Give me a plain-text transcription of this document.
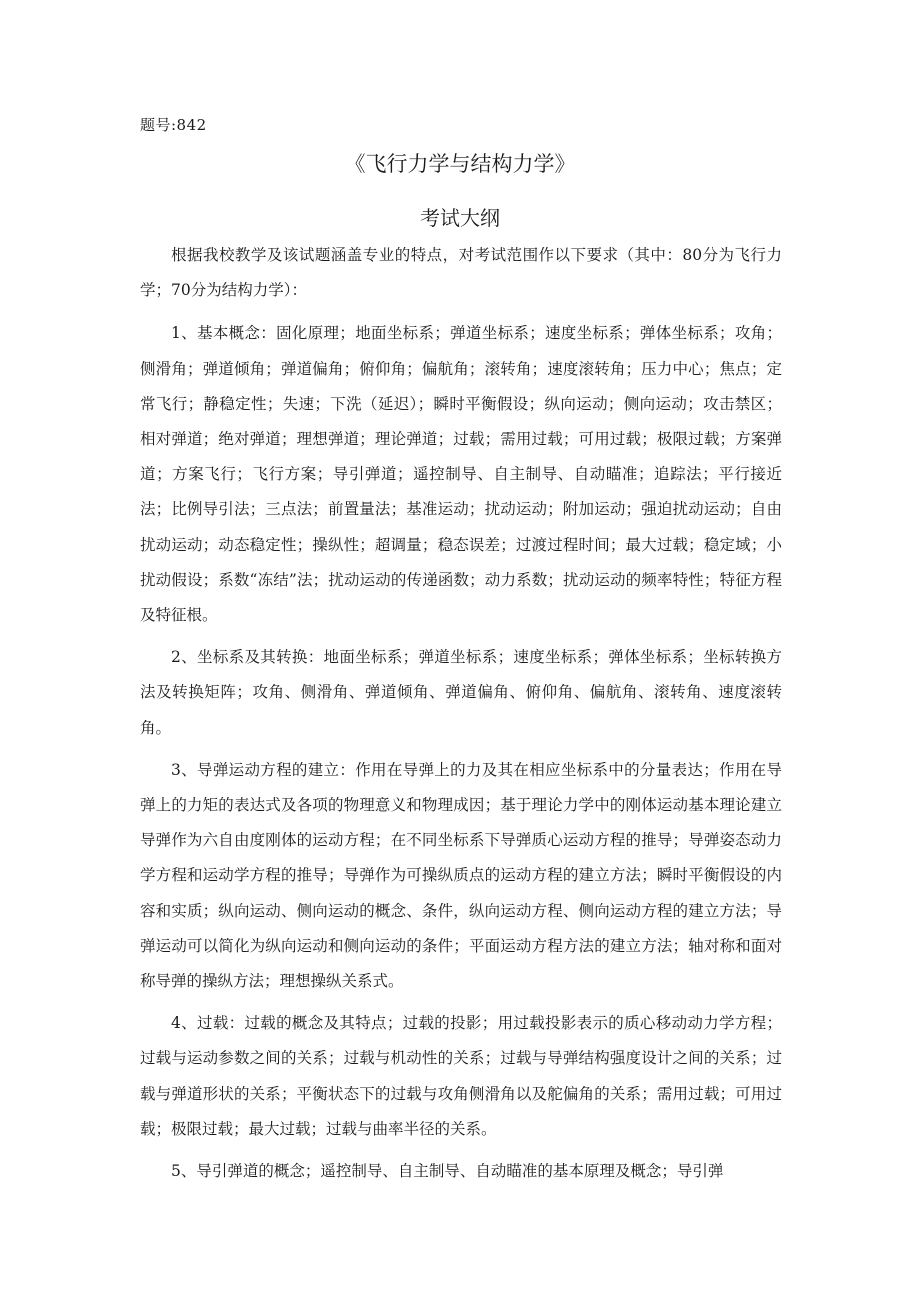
题号:842
《飞行力学与结构力学》
考试大纲

根据我校教学及该试题涵盖专业的特点，对考试范围作以下要求（其中：80分为飞行力学；70分为结构力学）：

1、基本概念：固化原理；地面坐标系；弹道坐标系；速度坐标系；弹体坐标系；攻角；侧滑角；弹道倾角；弹道偏角；俯仰角；偏航角；滚转角；速度滚转角；压力中心；焦点；定常飞行；静稳定性；失速；下洗（延迟）；瞬时平衡假设；纵向运动；侧向运动；攻击禁区；相对弹道；绝对弹道；理想弹道；理论弹道；过载；需用过载；可用过载；极限过载；方案弹道；方案飞行；飞行方案；导引弹道；遥控制导、自主制导、自动瞄准；追踪法；平行接近法；比例导引法；三点法；前置量法；基准运动；扰动运动；附加运动；强迫扰动运动；自由扰动运动；动态稳定性；操纵性；超调量；稳态误差；过渡过程时间；最大过载；稳定域；小扰动假设；系数“冻结”法；扰动运动的传递函数；动力系数；扰动运动的频率特性；特征方程及特征根。

2、坐标系及其转换：地面坐标系；弹道坐标系；速度坐标系；弹体坐标系；坐标转换方法及转换矩阵；攻角、侧滑角、弹道倾角、弹道偏角、俯仰角、偏航角、滚转角、速度滚转角。

3、导弹运动方程的建立：作用在导弹上的力及其在相应坐标系中的分量表达；作用在导弹上的力矩的表达式及各项的物理意义和物理成因；基于理论力学中的刚体运动基本理论建立导弹作为六自由度刚体的运动方程；在不同坐标系下导弹质心运动方程的推导；导弹姿态动力学方程和运动学方程的推导；导弹作为可操纵质点的运动方程的建立方法；瞬时平衡假设的内容和实质；纵向运动、侧向运动的概念、条件，纵向运动方程、侧向运动方程的建立方法；导弹运动可以简化为纵向运动和侧向运动的条件；平面运动方程方法的建立方法；轴对称和面对称导弹的操纵方法；理想操纵关系式。

4、过载：过载的概念及其特点；过载的投影；用过载投影表示的质心移动动力学方程；过载与运动参数之间的关系；过载与机动性的关系；过载与导弹结构强度设计之间的关系；过载与弹道形状的关系；平衡状态下的过载与攻角侧滑角以及舵偏角的关系；需用过载；可用过载；极限过载；最大过载；过载与曲率半径的关系。

5、导引弹道的概念；遥控制导、自主制导、自动瞄准的基本原理及概念；导引弹
